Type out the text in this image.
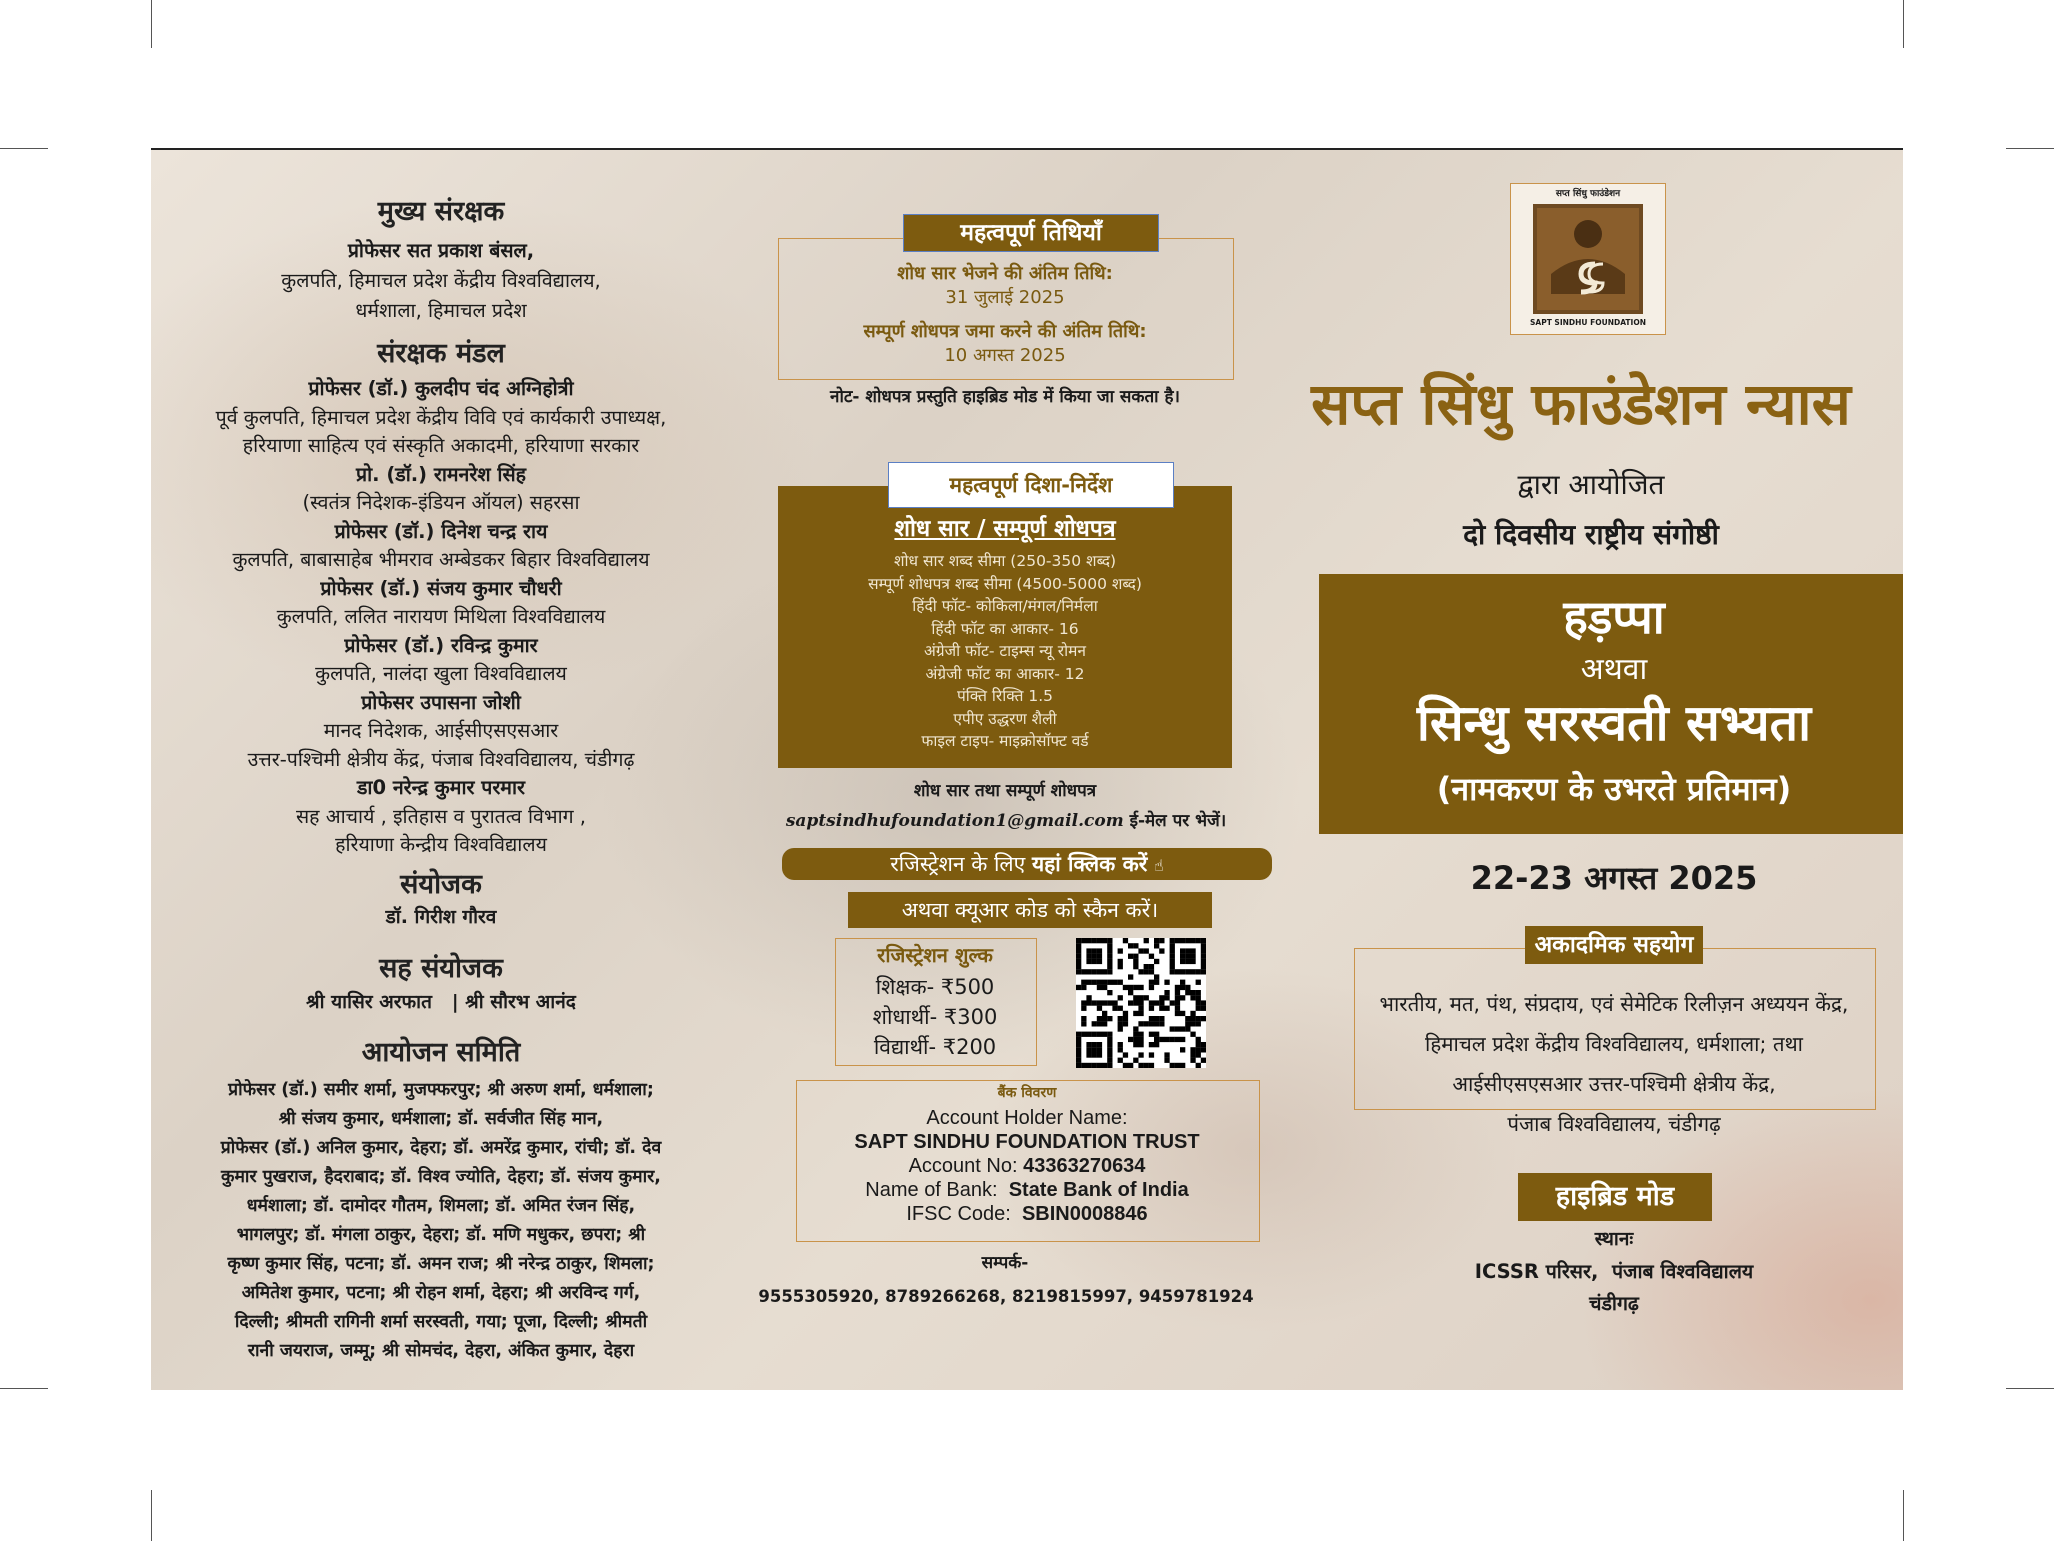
मुख्य संरक्षक
प्रोफेसर सत प्रकाश बंसल,
कुलपति, हिमाचल प्रदेश केंद्रीय विश्वविद्यालय,
धर्मशाला, हिमाचल प्रदेश
संरक्षक मंडल
प्रोफेसर (डॉ.) कुलदीप चंद अग्निहोत्री
पूर्व कुलपति, हिमाचल प्रदेश केंद्रीय विवि एवं कार्यकारी उपाध्यक्ष,
हरियाणा साहित्य एवं संस्कृति अकादमी, हरियाणा सरकार
प्रो. (डॉ.) रामनरेश सिंह
(स्वतंत्र निदेशक-इंडियन ऑयल) सहरसा
प्रोफेसर (डॉ.) दिनेश चन्द्र राय
कुलपति, बाबासाहेब भीमराव अम्बेडकर बिहार विश्वविद्यालय
प्रोफेसर (डॉ.) संजय कुमार चौधरी
कुलपति, ललित नारायण मिथिला विश्वविद्यालय
प्रोफेसर (डॉ.) रविन्द्र कुमार
कुलपति, नालंदा खुला विश्वविद्यालय
प्रोफेसर उपासना जोशी
मानद निदेशक, आईसीएसएसआर
उत्तर-पश्चिमी क्षेत्रीय केंद्र, पंजाब विश्वविद्यालय, चंडीगढ़
डा0 नरेन्द्र कुमार परमार
सह आचार्य , इतिहास व पुरातत्व विभाग ,
हरियाणा केन्द्रीय विश्वविद्यालय
संयोजक
डॉ. गिरीश गौरव
सह संयोजक
श्री यासिर अरफात   | श्री सौरभ आनंद
आयोजन समिति
प्रोफेसर (डॉ.) समीर शर्मा, मुजफ्फरपुर; श्री अरुण शर्मा, धर्मशाला;
श्री संजय कुमार, धर्मशाला; डॉ. सर्वजीत सिंह मान,
प्रोफेसर (डॉ.) अनिल कुमार, देहरा; डॉ. अमरेंद्र कुमार, रांची; डॉ. देव
कुमार पुखराज, हैदराबाद; डॉ. विश्व ज्योति, देहरा; डॉ. संजय कुमार,
धर्मशाला; डॉ. दामोदर गौतम, शिमला; डॉ. अमित रंजन सिंह,
भागलपुर; डॉ. मंगला ठाकुर, देहरा; डॉ. मणि मधुकर, छपरा; श्री
कृष्ण कुमार सिंह, पटना; डॉ. अमन राज; श्री नरेन्द्र ठाकुर, शिमला;
अमितेश कुमार, पटना; श्री रोहन शर्मा, देहरा; श्री अरविन्द गर्ग,
दिल्ली; श्रीमती रागिनी शर्मा सरस्वती, गया; पूजा, दिल्ली; श्रीमती
रानी जयराज, जम्मू; श्री सोमचंद, देहरा, अंकित कुमार, देहरा
महत्वपूर्ण तिथियाँ
शोध सार भेजने की अंतिम तिथि:
31 जुलाई 2025
सम्पूर्ण शोधपत्र जमा करने की अंतिम तिथि:
10 अगस्त 2025
नोट- शोधपत्र प्रस्तुति हाइब्रिड मोड में किया जा सकता है।
महत्वपूर्ण दिशा-निर्देश
शोध सार / सम्पूर्ण शोधपत्र
शोध सार शब्द सीमा (250-350 शब्द)
सम्पूर्ण शोधपत्र शब्द सीमा (4500-5000 शब्द)
हिंदी फॉट- कोकिला/मंगल/निर्मला
हिंदी फॉट का आकार- 16
अंग्रेजी फॉट- टाइम्स न्यू रोमन
अंग्रेजी फॉट का आकार- 12
पंक्ति रिक्ति 1.5
एपीए उद्धरण शैली
फाइल टाइप- माइक्रोसॉफ्ट वर्ड
शोध सार तथा सम्पूर्ण शोधपत्र
saptsindhufoundation1@gmail.com ई-मेल पर भेजें।
रजिस्ट्रेशन के लिए यहां क्लिक करें ☝
अथवा क्यूआर कोड को स्कैन करें।
रजिस्ट्रेशन शुल्क
शिक्षक- ₹500
शोधार्थी- ₹300
विद्यार्थी- ₹200
बैंक विवरण
Account Holder Name:
SAPT SINDHU FOUNDATION TRUST
Account No: 43363270634
Name of Bank:  State Bank of India
IFSC Code:  SBIN0008846
सम्पर्क-
9555305920, 8789266268, 8219815997, 9459781924
सप्त सिंधु फाउंडेशन
SAPT SINDHU FOUNDATION
सप्त सिंधु फाउंडेशन न्यास
द्वारा आयोजित
दो दिवसीय राष्ट्रीय संगोष्ठी
हड़प्पा
अथवा
सिन्धु सरस्वती सभ्यता
(नामकरण के उभरते प्रतिमान)
22-23 अगस्त 2025
अकादमिक सहयोग
भारतीय, मत, पंथ, संप्रदाय, एवं सेमेटिक रिलीज़न अध्ययन केंद्र,
हिमाचल प्रदेश केंद्रीय विश्वविद्यालय, धर्मशाला; तथा
आईसीएसएसआर उत्तर-पश्चिमी क्षेत्रीय केंद्र,
पंजाब विश्वविद्यालय, चंडीगढ़
हाइब्रिड मोड
स्थानः
ICSSR परिसर,  पंजाब विश्वविद्यालय
चंडीगढ़
